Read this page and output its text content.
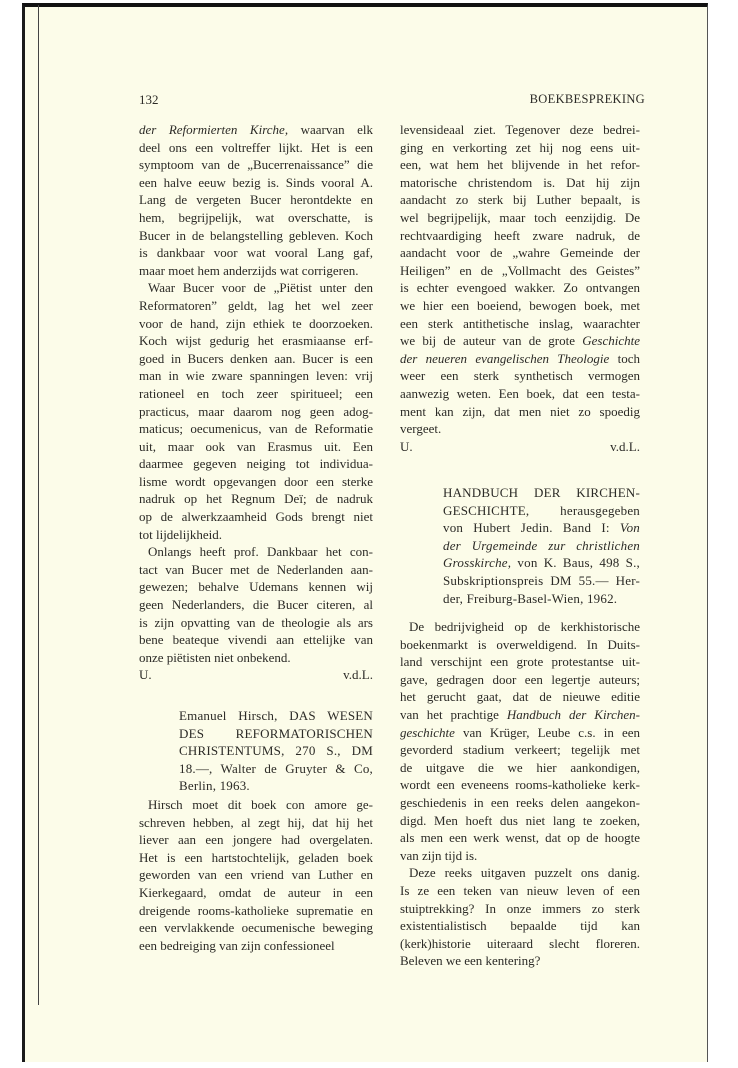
132	BOEKBESPREKING
der Reformierten Kirche, waarvan elk
deel ons een voltreffer lijkt. Het is een
symptoom van de „Bucerrenaissance” die
een halve eeuw bezig is. Sinds vooral A.
Lang de vergeten Bucer herontdekte en
hem, begrijpelijk, wat overschatte, is
Bucer in de belangstelling gebleven. Koch
is dankbaar voor wat vooral Lang gaf,
maar moet hem anderzijds wat corrigeren.
Waar Bucer voor de „Piëtist unter den
Reformatoren” geldt, lag het wel zeer
voor de hand, zijn ethiek te doorzoeken.
Koch wijst gedurig het erasmiaanse erf-
goed in Bucers denken aan. Bucer is een
man in wie zware spanningen leven: vrij
rationeel en toch zeer spiritueel; een
practicus, maar daarom nog geen adog-
maticus; oecumenicus, van de Reformatie
uit, maar ook van Erasmus uit. Een
daarmee gegeven neiging tot individua-
lisme wordt opgevangen door een sterke
nadruk op het Regnum Deï; de nadruk
op de alwerkzaamheid Gods brengt niet
tot lijdelijkheid.
Onlangs heeft prof. Dankbaar het con-
tact van Bucer met de Nederlanden aan-
gewezen; behalve Udemans kennen wij
geen Nederlanders, die Bucer citeren, al
is zijn opvatting van de theologie als ars
bene beateque vivendi aan ettelijke van
onze piëtisten niet onbekend.
U.	v.d.L.
Emanuel Hirsch, DAS WESEN
DES REFORMATORISCHEN
CHRISTENTUMS, 270 S., DM
18.—, Walter de Gruyter & Co,
Berlin, 1963.
Hirsch moet dit boek con amore ge-
schreven hebben, al zegt hij, dat hij het
liever aan een jongere had overgelaten.
Het is een hartstochtelijk, geladen boek
geworden van een vriend van Luther en
Kierkegaard, omdat de auteur in een
dreigende rooms-katholieke suprematie en
een vervlakkende oecumenische beweging
een bedreiging van zijn confessioneel
levensideaal ziet. Tegenover deze bedrei-
ging en verkorting zet hij nog eens uit-
een, wat hem het blijvende in het refor-
matorische christendom is. Dat hij zijn
aandacht zo sterk bij Luther bepaalt, is
wel begrijpelijk, maar toch eenzijdig. De
rechtvaardiging heeft zware nadruk, de
aandacht voor de „wahre Gemeinde der
Heiligen” en de „Vollmacht des Geistes”
is echter evengoed wakker. Zo ontvangen
we hier een boeiend, bewogen boek, met
een sterk antithetische inslag, waarachter
we bij de auteur van de grote Geschichte
der neueren evangelischen Theologie toch
weer een sterk synthetisch vermogen
aanwezig weten. Een boek, dat een testa-
ment kan zijn, dat men niet zo spoedig
vergeet.
U.	v.d.L.
HANDBUCH DER KIRCHEN-
GESCHICHTE, herausgegeben
von Hubert Jedin. Band I: Von
der Urgemeinde zur christlichen
Grosskirche, von K. Baus, 498 S.,
Subskriptionspreis DM 55.— Her-
der, Freiburg-Basel-Wien, 1962.
De bedrijvigheid op de kerkhistorische
boekenmarkt is overweldigend. In Duits-
land verschijnt een grote protestantse uit-
gave, gedragen door een legertje auteurs;
het gerucht gaat, dat de nieuwe editie
van het prachtige Handbuch der Kirchen-
geschichte van Krüger, Leube c.s. in een
gevorderd stadium verkeert; tegelijk met
de uitgave die we hier aankondigen,
wordt een eveneens rooms-katholieke kerk-
geschiedenis in een reeks delen aangekon-
digd. Men hoeft dus niet lang te zoeken,
als men een werk wenst, dat op de hoogte
van zijn tijd is.
Deze reeks uitgaven puzzelt ons danig.
Is ze een teken van nieuw leven of een
stuiptrekking? In onze immers zo sterk
existentialistisch bepaalde tijd kan
(kerk)historie uiteraard slecht floreren.
Beleven we een kentering?
